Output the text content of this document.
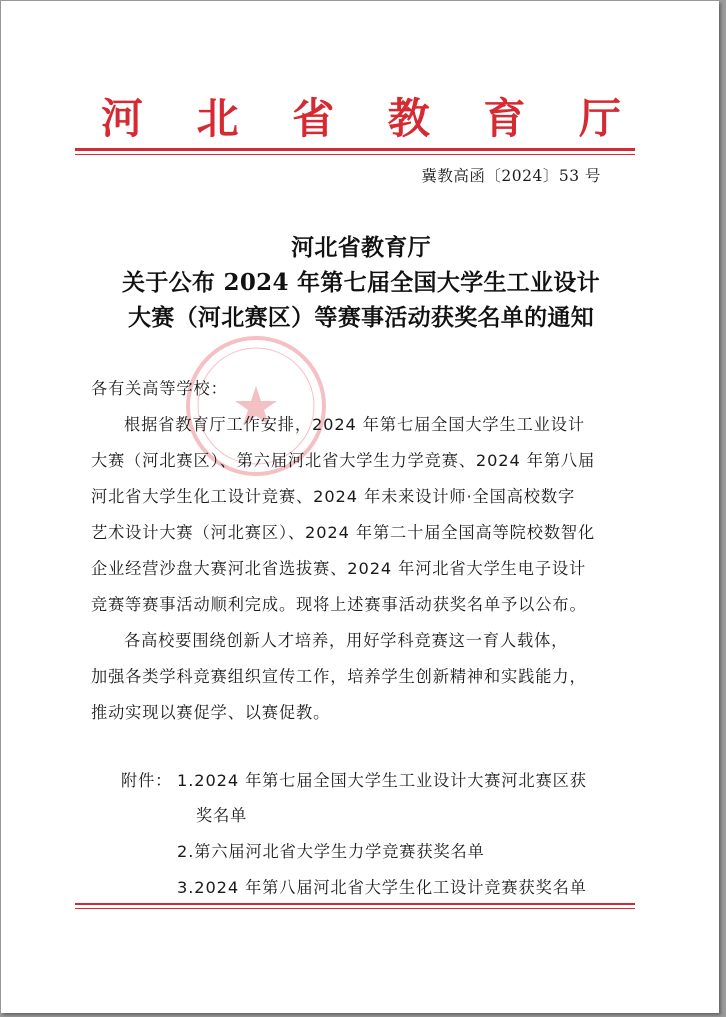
河 北 省 教 育 厅
冀教高函〔2024〕53 号
河北省教育厅
关于公布 2024 年第七届全国大学生工业设计
大赛（河北赛区）等赛事活动获奖名单的通知
各有关高等学校：
根据省教育厅工作安排，2024 年第七届全国大学生工业设计
大赛（河北赛区）、第六届河北省大学生力学竞赛、2024 年第八届
河北省大学生化工设计竞赛、2024 年未来设计师·全国高校数字
艺术设计大赛（河北赛区）、2024 年第二十届全国高等院校数智化
企业经营沙盘大赛河北省选拔赛、2024 年河北省大学生电子设计
竞赛等赛事活动顺利完成。现将上述赛事活动获奖名单予以公布。
各高校要围绕创新人才培养，用好学科竞赛这一育人载体，
加强各类学科竞赛组织宣传工作，培养学生创新精神和实践能力，
推动实现以赛促学、以赛促教。
附件： 1.2024 年第七届全国大学生工业设计大赛河北赛区获
奖名单
2.第六届河北省大学生力学竞赛获奖名单
3.2024 年第八届河北省大学生化工设计竞赛获奖名单
